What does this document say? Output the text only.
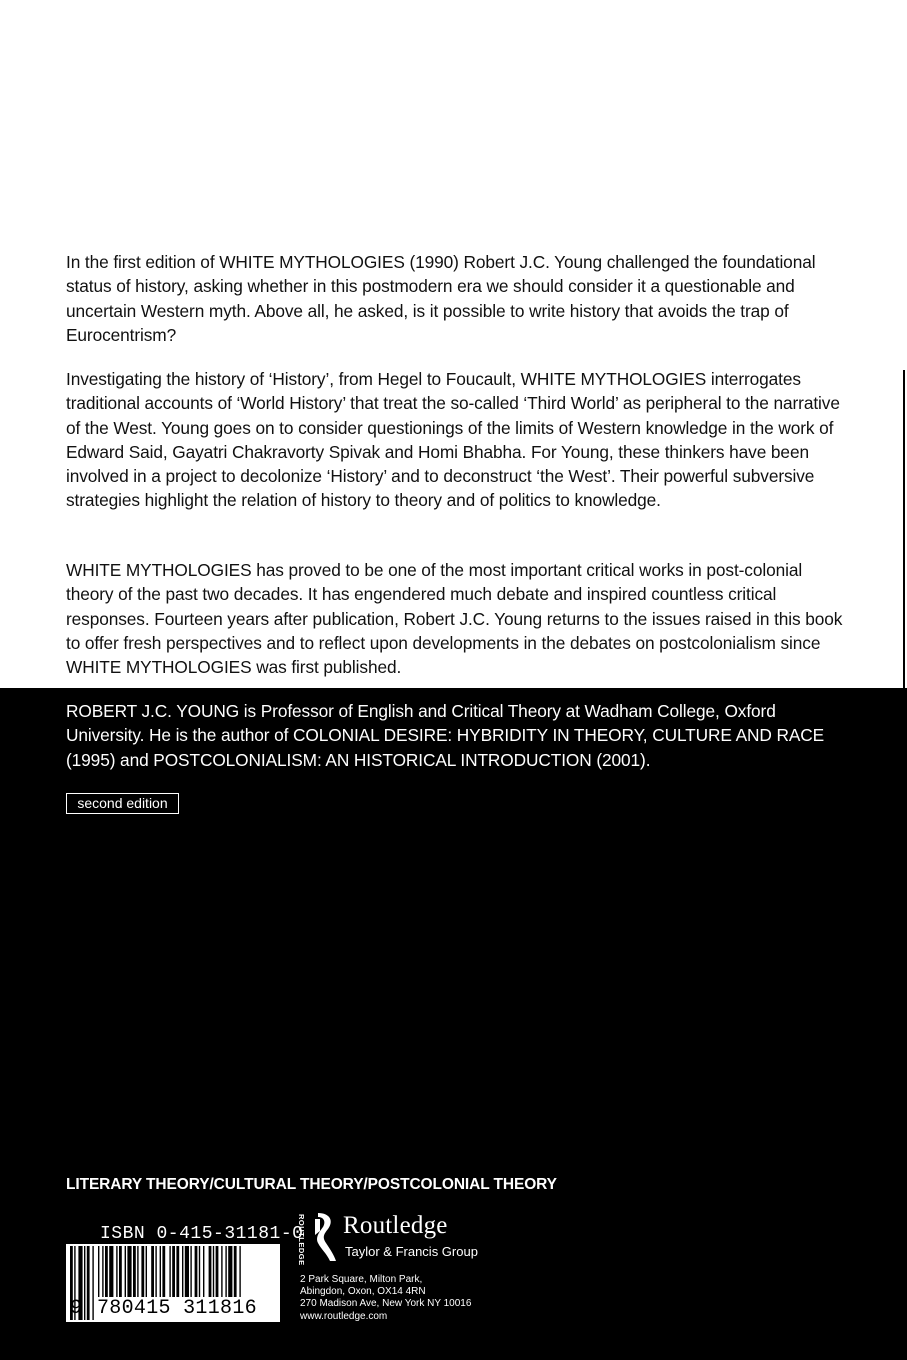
In the first edition of WHITE MYTHOLOGIES (1990) Robert J.C. Young challenged the foundational status of history, asking whether in this postmodern era we should consider it a questionable and uncertain Western myth. Above all, he asked, is it possible to write history that avoids the trap of Eurocentrism?

Investigating the history of ‘History’, from Hegel to Foucault, WHITE MYTHOLOGIES interrogates traditional accounts of ‘World History’ that treat the so-called ‘Third World’ as peripheral to the narrative of the West. Young goes on to consider questionings of the limits of Western knowledge in the work of Edward Said, Gayatri Chakravorty Spivak and Homi Bhabha. For Young, these thinkers have been involved in a project to decolonize ‘History’ and to deconstruct ‘the West’. Their powerful subversive strategies highlight the relation of history to theory and of politics to knowledge.

WHITE MYTHOLOGIES has proved to be one of the most important critical works in post-colonial theory of the past two decades. It has engendered much debate and inspired countless critical responses. Fourteen years after publication, Robert J.C. Young returns to the issues raised in this book to offer fresh perspectives and to reflect upon developments in the debates on postcolonialism since WHITE MYTHOLOGIES was first published.

ROBERT J.C. YOUNG is Professor of English and Critical Theory at Wadham College, Oxford University. He is the author of COLONIAL DESIRE: HYBRIDITY IN THEORY, CULTURE AND RACE (1995) and POSTCOLONIALISM: AN HISTORICAL INTRODUCTION (2001).

second edition

LITERARY THEORY/CULTURAL THEORY/POSTCOLONIAL THEORY

ISBN 0-415-31181-0
9 780415 311816
ROUTLEDGE Routledge
Taylor & Francis Group
2 Park Square, Milton Park,
Abingdon, Oxon, OX14 4RN
270 Madison Ave, New York NY 10016
www.routledge.com
